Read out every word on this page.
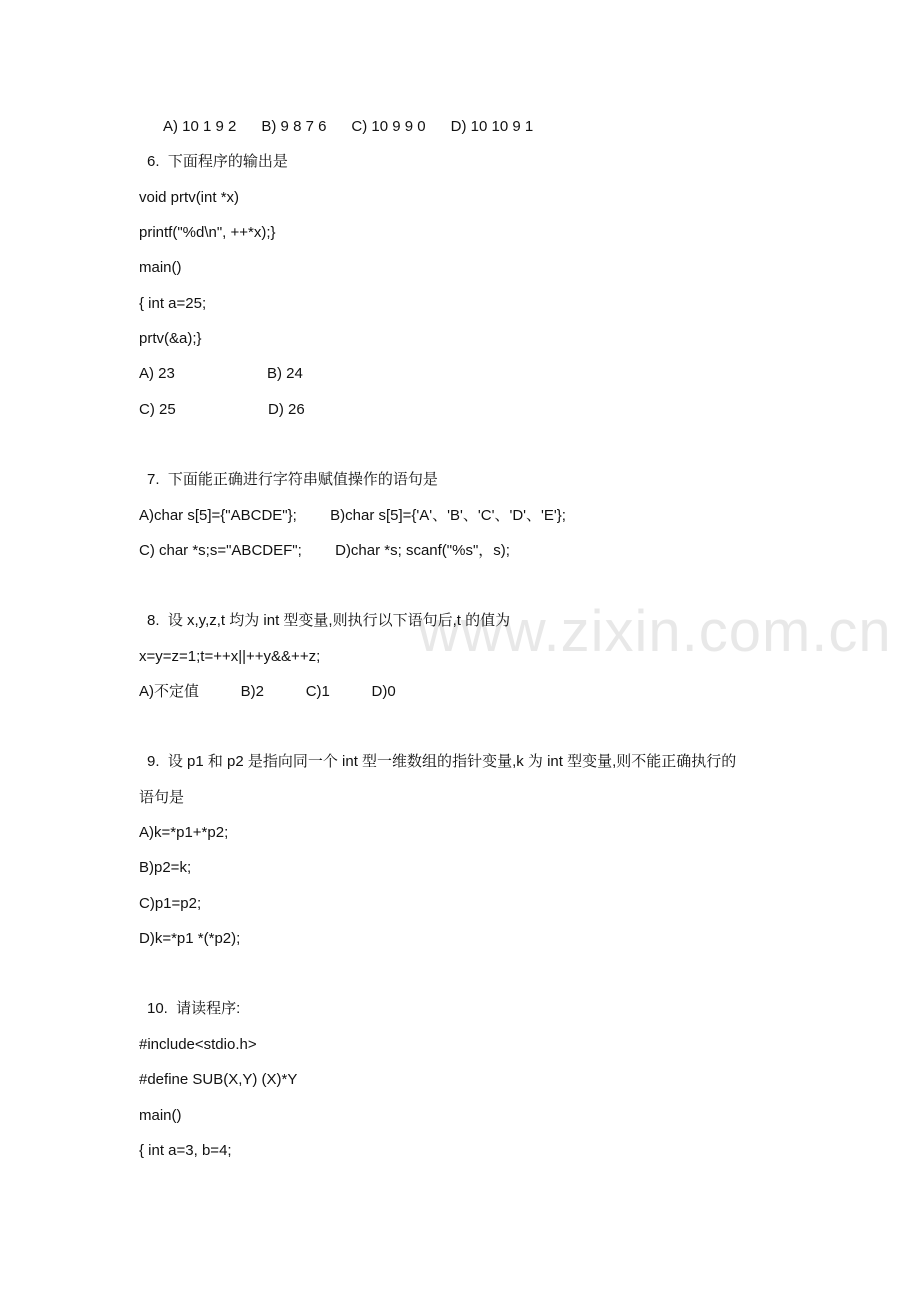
www.zixin.com.cn
A) 10 1 9 2      B) 9 8 7 6      C) 10 9 9 0      D) 10 10 9 1
6.  下面程序的输出是
void prtv(int *x)
printf("%d\n", ++*x);}
main()
{ int a=25;
prtv(&a);}
A) 23	B) 24
C) 25	D) 26
7.  下面能正确进行字符串赋值操作的语句是
A)char s[5]={"ABCDE"};        B)char s[5]={'A'、'B'、'C'、'D'、'E'};
C) char *s;s="ABCDEF";        D)char *s; scanf("%s"，s);
8.  设 x,y,z,t 均为 int 型变量,则执行以下语句后,t 的值为
x=y=z=1;t=++x||++y&&++z;
A)不定值          B)2          C)1          D)0
9.  设 p1 和 p2 是指向同一个 int 型一维数组的指针变量,k 为 int 型变量,则不能正确执行的
语句是
A)k=*p1+*p2;
B)p2=k;
C)p1=p2;
D)k=*p1 *(*p2);
10.  请读程序:
#include<stdio.h>
#define SUB(X,Y) (X)*Y
main()
{ int a=3, b=4;
